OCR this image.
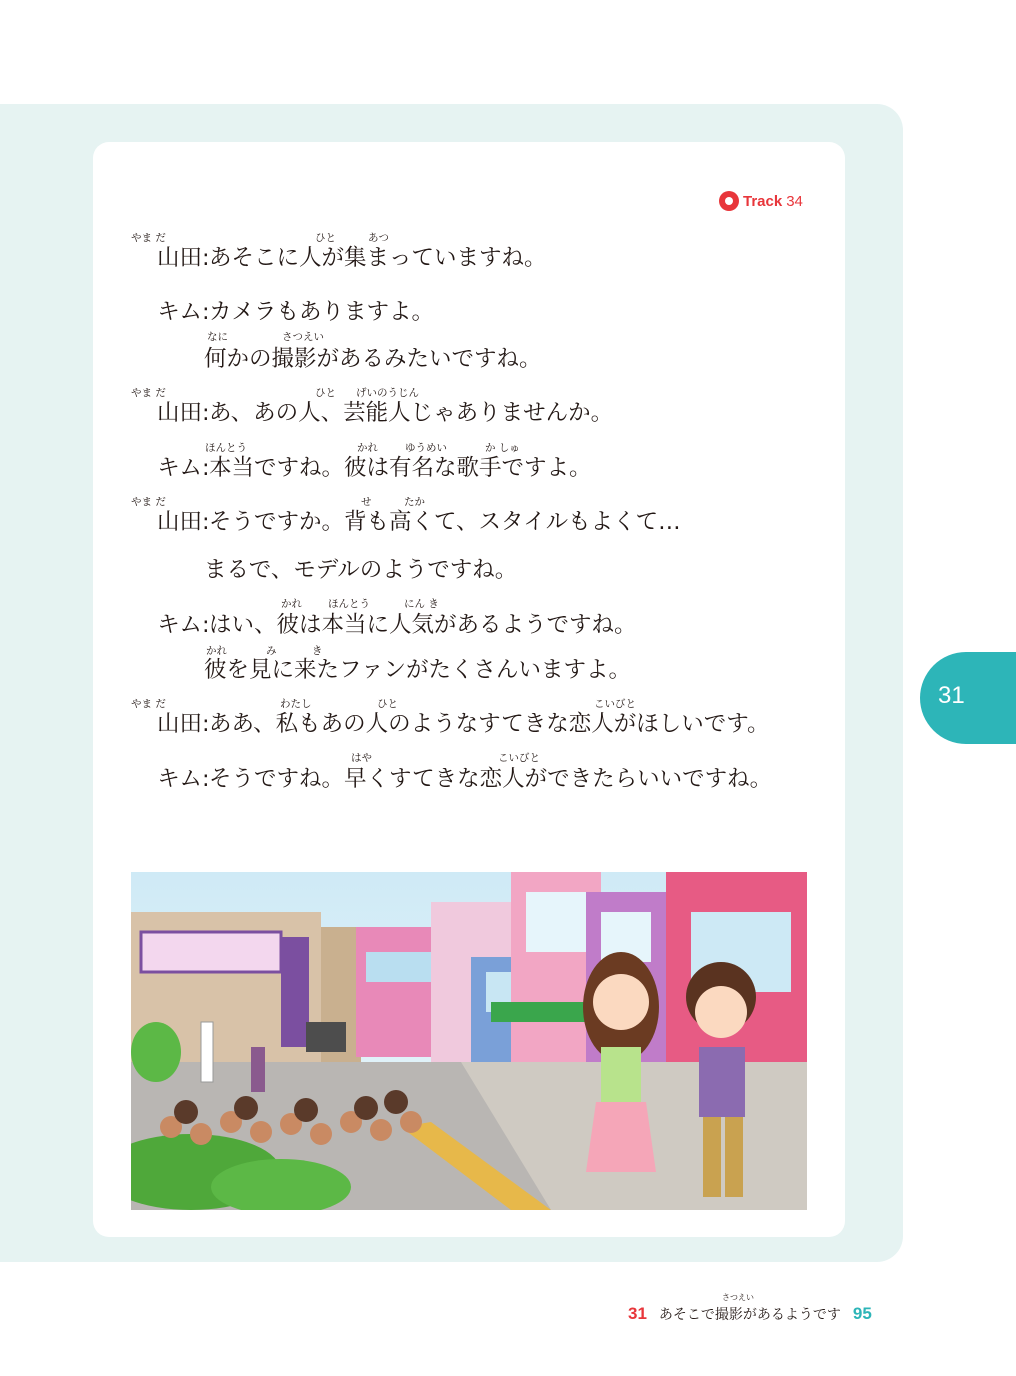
Track 34
やま だ	ひと	あつ
山田:あそこに人が集まっていますね。
キム:カメラもありますよ。
なに	さつえい
何かの撮影があるみたいですね。
やま だ	ひと げいのうじん
山田:あ、あの人、芸能人じゃありませんか。
ほんとう	かれ	ゆうめい	か しゅ
キム:本当ですね。彼は有名な歌手ですよ。
やま だ	せ	たか
山田:そうですか。背も高くて、スタイルもよくて…
まるで、モデルのようですね。
かれ ほんとう	にん き
キム:はい、彼は本当に人気があるようですね。
かれ	み	き
彼を見に来たファンがたくさんいますよ。
やま だ	わたし	ひと	こいびと
山田:ああ、私もあの人のようなすてきな恋人がほしいです。
はや	こいびと
キム:そうですね。早くすてきな恋人ができたらいいですね。
31
さつえい
31 あそこで撮影があるようです 95
